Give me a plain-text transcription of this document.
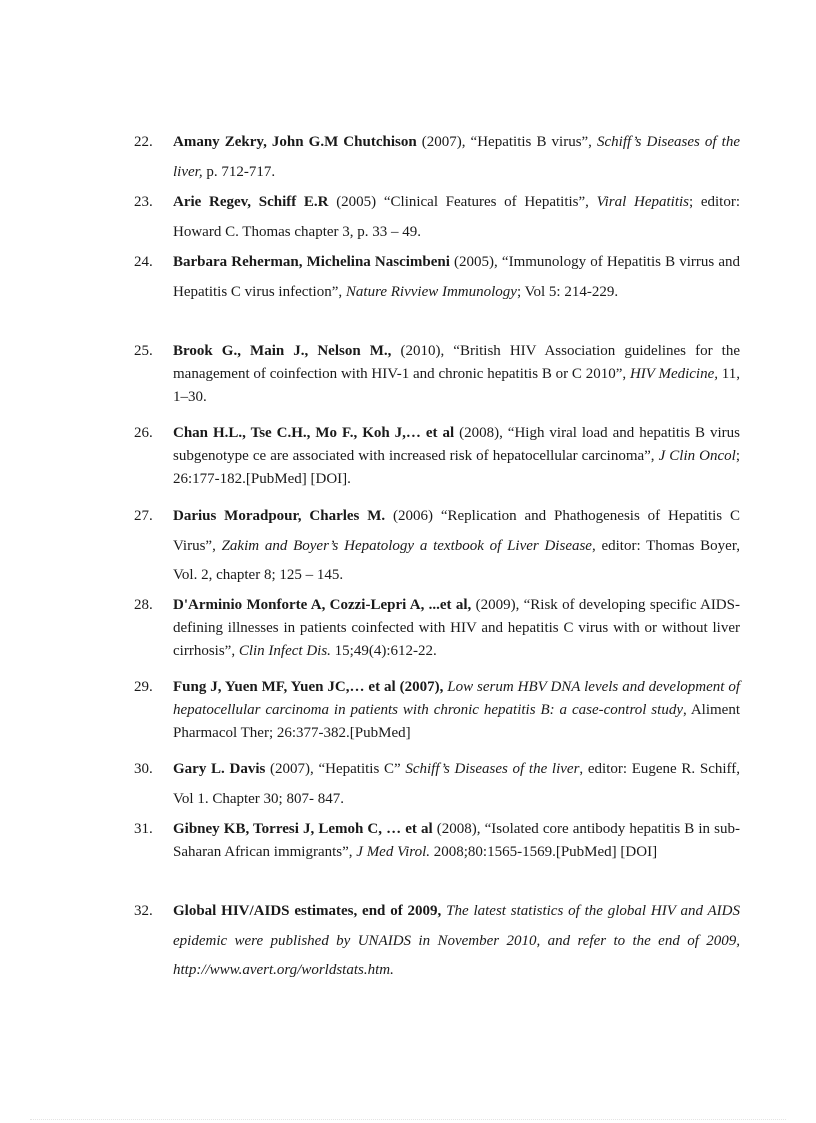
22.	Amany Zekry, John G.M Chutchison (2007), “Hepatitis B virus”, Schiff’s Diseases of the liver, p. 712-717.
23.	Arie Regev, Schiff E.R (2005) “Clinical Features of Hepatitis”, Viral Hepatitis; editor: Howard C. Thomas chapter 3, p. 33 – 49.
24.	Barbara Reherman, Michelina Nascimbeni (2005), “Immunology of Hepatitis B virrus and Hepatitis C virus infection”, Nature Rivview Immunology; Vol 5: 214-229.
25.	Brook G., Main J., Nelson M., (2010), “British HIV Association guidelines for the management of coinfection with HIV-1 and chronic hepatitis B or C 2010”, HIV Medicine, 11, 1–30.
26.	Chan H.L., Tse C.H., Mo F., Koh J,… et al (2008), “High viral load and hepatitis B virus subgenotype ce are associated with increased risk of hepatocellular carcinoma”, J Clin Oncol; 26:177-182.[PubMed] [DOI].
27.	Darius Moradpour, Charles M. (2006) “Replication and Phathogenesis of Hepatitis C Virus”, Zakim and Boyer’s Hepatology a textbook of Liver Disease, editor: Thomas Boyer, Vol. 2, chapter 8; 125 – 145.
28.	D'Arminio Monforte A, Cozzi-Lepri A, ...et al, (2009), “Risk of developing specific AIDS-defining illnesses in patients coinfected with HIV and hepatitis C virus with or without liver cirrhosis”, Clin Infect Dis. 15;49(4):612-22.
29.	Fung J, Yuen MF, Yuen JC,… et al (2007), Low serum HBV DNA levels and development of hepatocellular carcinoma in patients with chronic hepatitis B: a case-control study, Aliment Pharmacol Ther; 26:377-382.[PubMed]
30.	Gary L. Davis (2007), “Hepatitis C” Schiff’s Diseases of the liver, editor: Eugene R. Schiff, Vol 1. Chapter 30; 807- 847.
31.	Gibney KB, Torresi J, Lemoh C, … et al (2008), “Isolated core antibody hepatitis B in sub-Saharan African immigrants”, J Med Virol. 2008;80:1565-1569.[PubMed] [DOI]
32.	Global HIV/AIDS estimates, end of 2009, The latest statistics of the global HIV and AIDS epidemic were published by UNAIDS in November 2010, and refer to the end of 2009, http://www.avert.org/worldstats.htm.
